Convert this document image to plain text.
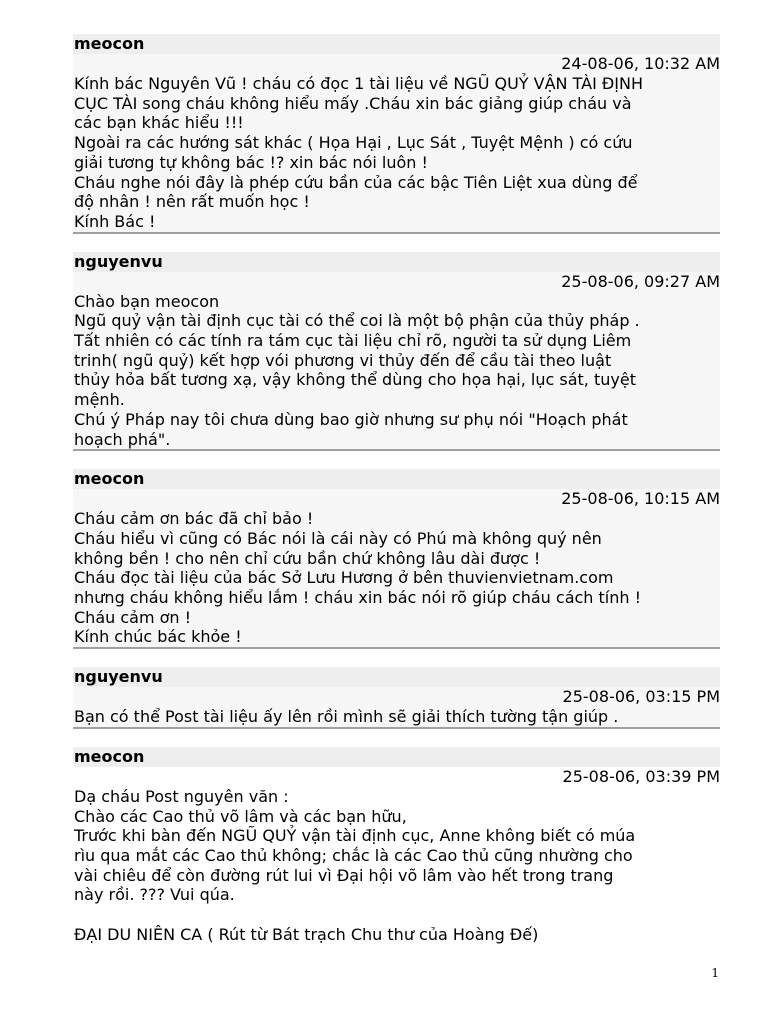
meocon
24-08-06, 10:32 AM

Kính bác Nguyên Vũ ! cháu có đọc 1 tài liệu về NGŨ QUỶ VẬN TÀI ĐỊNH

CỤC TÀI song cháu không hiểu mấy .Cháu xin bác giảng giúp cháu và

các bạn khác hiểu !!!

Ngoài ra các hướng sát khác ( Họa Hại , Lục Sát , Tuyệt Mệnh ) có cứu

giải tương tự không bác !? xin bác nói luôn !

Cháu nghe nói đây là phép cứu bần của các bậc Tiên Liệt xua dùng để

độ nhân ! nên rất muốn học !

Kính Bác !

nguyenvu
25-08-06, 09:27 AM

Chào bạn meocon

Ngũ quỷ vận tài định cục tài có thể coi là một bộ phận của thủy pháp .

Tất nhiên có các tính ra tám cục tài liệu chỉ rõ, người ta sử dụng Liêm

trinh( ngũ quỷ) kết hợp vói phương vi thủy đến để cầu tài theo luật

thủy hỏa bất tương xạ, vậy không thể dùng cho họa hại, lục sát, tuyệt

mệnh.

Chú ý Pháp nay tôi chưa dùng bao giờ nhưng sư phụ nói "Hoạch phát

hoạch phá".

meocon
25-08-06, 10:15 AM

Cháu cảm ơn bác đã chỉ bảo !

Cháu hiểu vì cũng có Bác nói là cái này có Phú mà không quý nên

không bền ! cho nên chỉ cứu bần chứ không lâu dài được !

Cháu đọc tài liệu của bác Sở Lưu Hương ở bên thuvienvietnam.com

nhưng cháu không hiểu lắm ! cháu xin bác nói rõ giúp cháu cách tính !

Cháu cảm ơn !

Kính chúc bác khỏe !

nguyenvu
25-08-06, 03:15 PM

Bạn có thể Post tài liệu ấy lên rồi mình sẽ giải thích tường tận giúp .

meocon
25-08-06, 03:39 PM

Dạ cháu Post nguyên văn :

Chào các Cao thủ võ lâm và các bạn hữu,

Trước khi bàn đến NGŨ QUỶ vận tài định cục, Anne không biết có múa

rìu qua mắt các Cao thủ không; chắc là các Cao thủ cũng nhường cho

vài chiêu để còn đường rút lui vì Đại hội võ lâm vào hết trong trang

này rồi. ??? Vui qúa.

ĐẠI DU NIÊN CA ( Rút từ Bát trạch Chu thư của Hoàng Đế)

1
